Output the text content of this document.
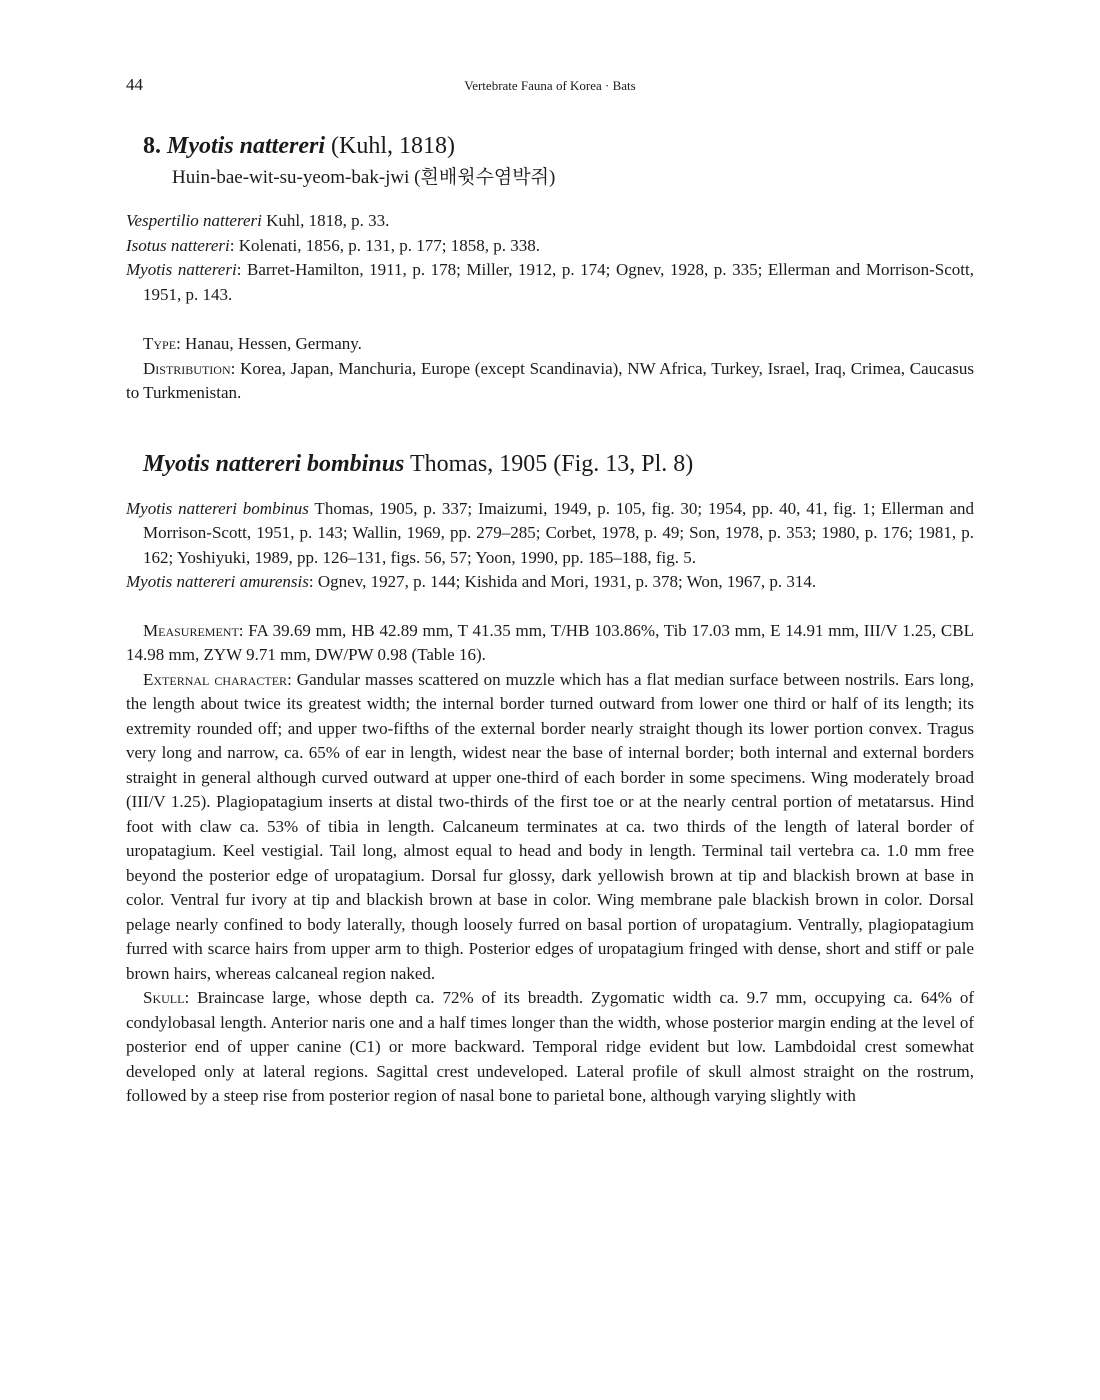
44	Vertebrate Fauna of Korea · Bats
8. Myotis nattereri (Kuhl, 1818)
Huin-bae-wit-su-yeom-bak-jwi (흰배윗수염박쥐)

Vespertilio nattereri Kuhl, 1818, p. 33.

Isotus nattereri: Kolenati, 1856, p. 131, p. 177; 1858, p. 338.

Myotis nattereri: Barret-Hamilton, 1911, p. 178; Miller, 1912, p. 174; Ognev, 1928, p. 335; Ellerman and Morrison-Scott, 1951, p. 143.

Type: Hanau, Hessen, Germany.

Distribution: Korea, Japan, Manchuria, Europe (except Scandinavia), NW Africa, Turkey, Israel, Iraq, Crimea, Caucasus to Turkmenistan.

Myotis nattereri bombinus Thomas, 1905 (Fig. 13, Pl. 8)

Myotis nattereri bombinus Thomas, 1905, p. 337; Imaizumi, 1949, p. 105, fig. 30; 1954, pp. 40, 41, fig. 1; Ellerman and Morrison-Scott, 1951, p. 143; Wallin, 1969, pp. 279–285; Corbet, 1978, p. 49; Son, 1978, p. 353; 1980, p. 176; 1981, p. 162; Yoshiyuki, 1989, pp. 126–131, figs. 56, 57; Yoon, 1990, pp. 185–188, fig. 5.

Myotis nattereri amurensis: Ognev, 1927, p. 144; Kishida and Mori, 1931, p. 378; Won, 1967, p. 314.

Measurement: FA 39.69 mm, HB 42.89 mm, T 41.35 mm, T/HB 103.86%, Tib 17.03 mm, E 14.91 mm, III/V 1.25, CBL 14.98 mm, ZYW 9.71 mm, DW/PW 0.98 (Table 16).

External character: Gandular masses scattered on muzzle which has a flat median surface between nostrils. Ears long, the length about twice its greatest width; the internal border turned outward from lower one third or half of its length; its extremity rounded off; and upper two-fifths of the external border nearly straight though its lower portion convex. Tragus very long and narrow, ca. 65% of ear in length, widest near the base of internal border; both internal and external borders straight in general although curved outward at upper one-third of each border in some specimens. Wing moderately broad (III/V 1.25). Plagiopatagium inserts at distal two-thirds of the first toe or at the nearly central portion of metatarsus. Hind foot with claw ca. 53% of tibia in length. Calcaneum terminates at ca. two thirds of the length of lateral border of uropatagium. Keel vestigial. Tail long, almost equal to head and body in length. Terminal tail vertebra ca. 1.0 mm free beyond the posterior edge of uropatagium. Dorsal fur glossy, dark yellowish brown at tip and blackish brown at base in color. Ventral fur ivory at tip and blackish brown at base in color. Wing membrane pale blackish brown in color. Dorsal pelage nearly confined to body laterally, though loosely furred on basal portion of uropatagium. Ventrally, plagiopatagium furred with scarce hairs from upper arm to thigh. Posterior edges of uropatagium fringed with dense, short and stiff or pale brown hairs, whereas calcaneal region naked.

Skull: Braincase large, whose depth ca. 72% of its breadth. Zygomatic width ca. 9.7 mm, occupying ca. 64% of condylobasal length. Anterior naris one and a half times longer than the width, whose posterior margin ending at the level of posterior end of upper canine (C1) or more backward. Temporal ridge evident but low. Lambdoidal crest somewhat developed only at lateral regions. Sagittal crest undeveloped. Lateral profile of skull almost straight on the rostrum, followed by a steep rise from posterior region of nasal bone to parietal bone, although varying slightly with
